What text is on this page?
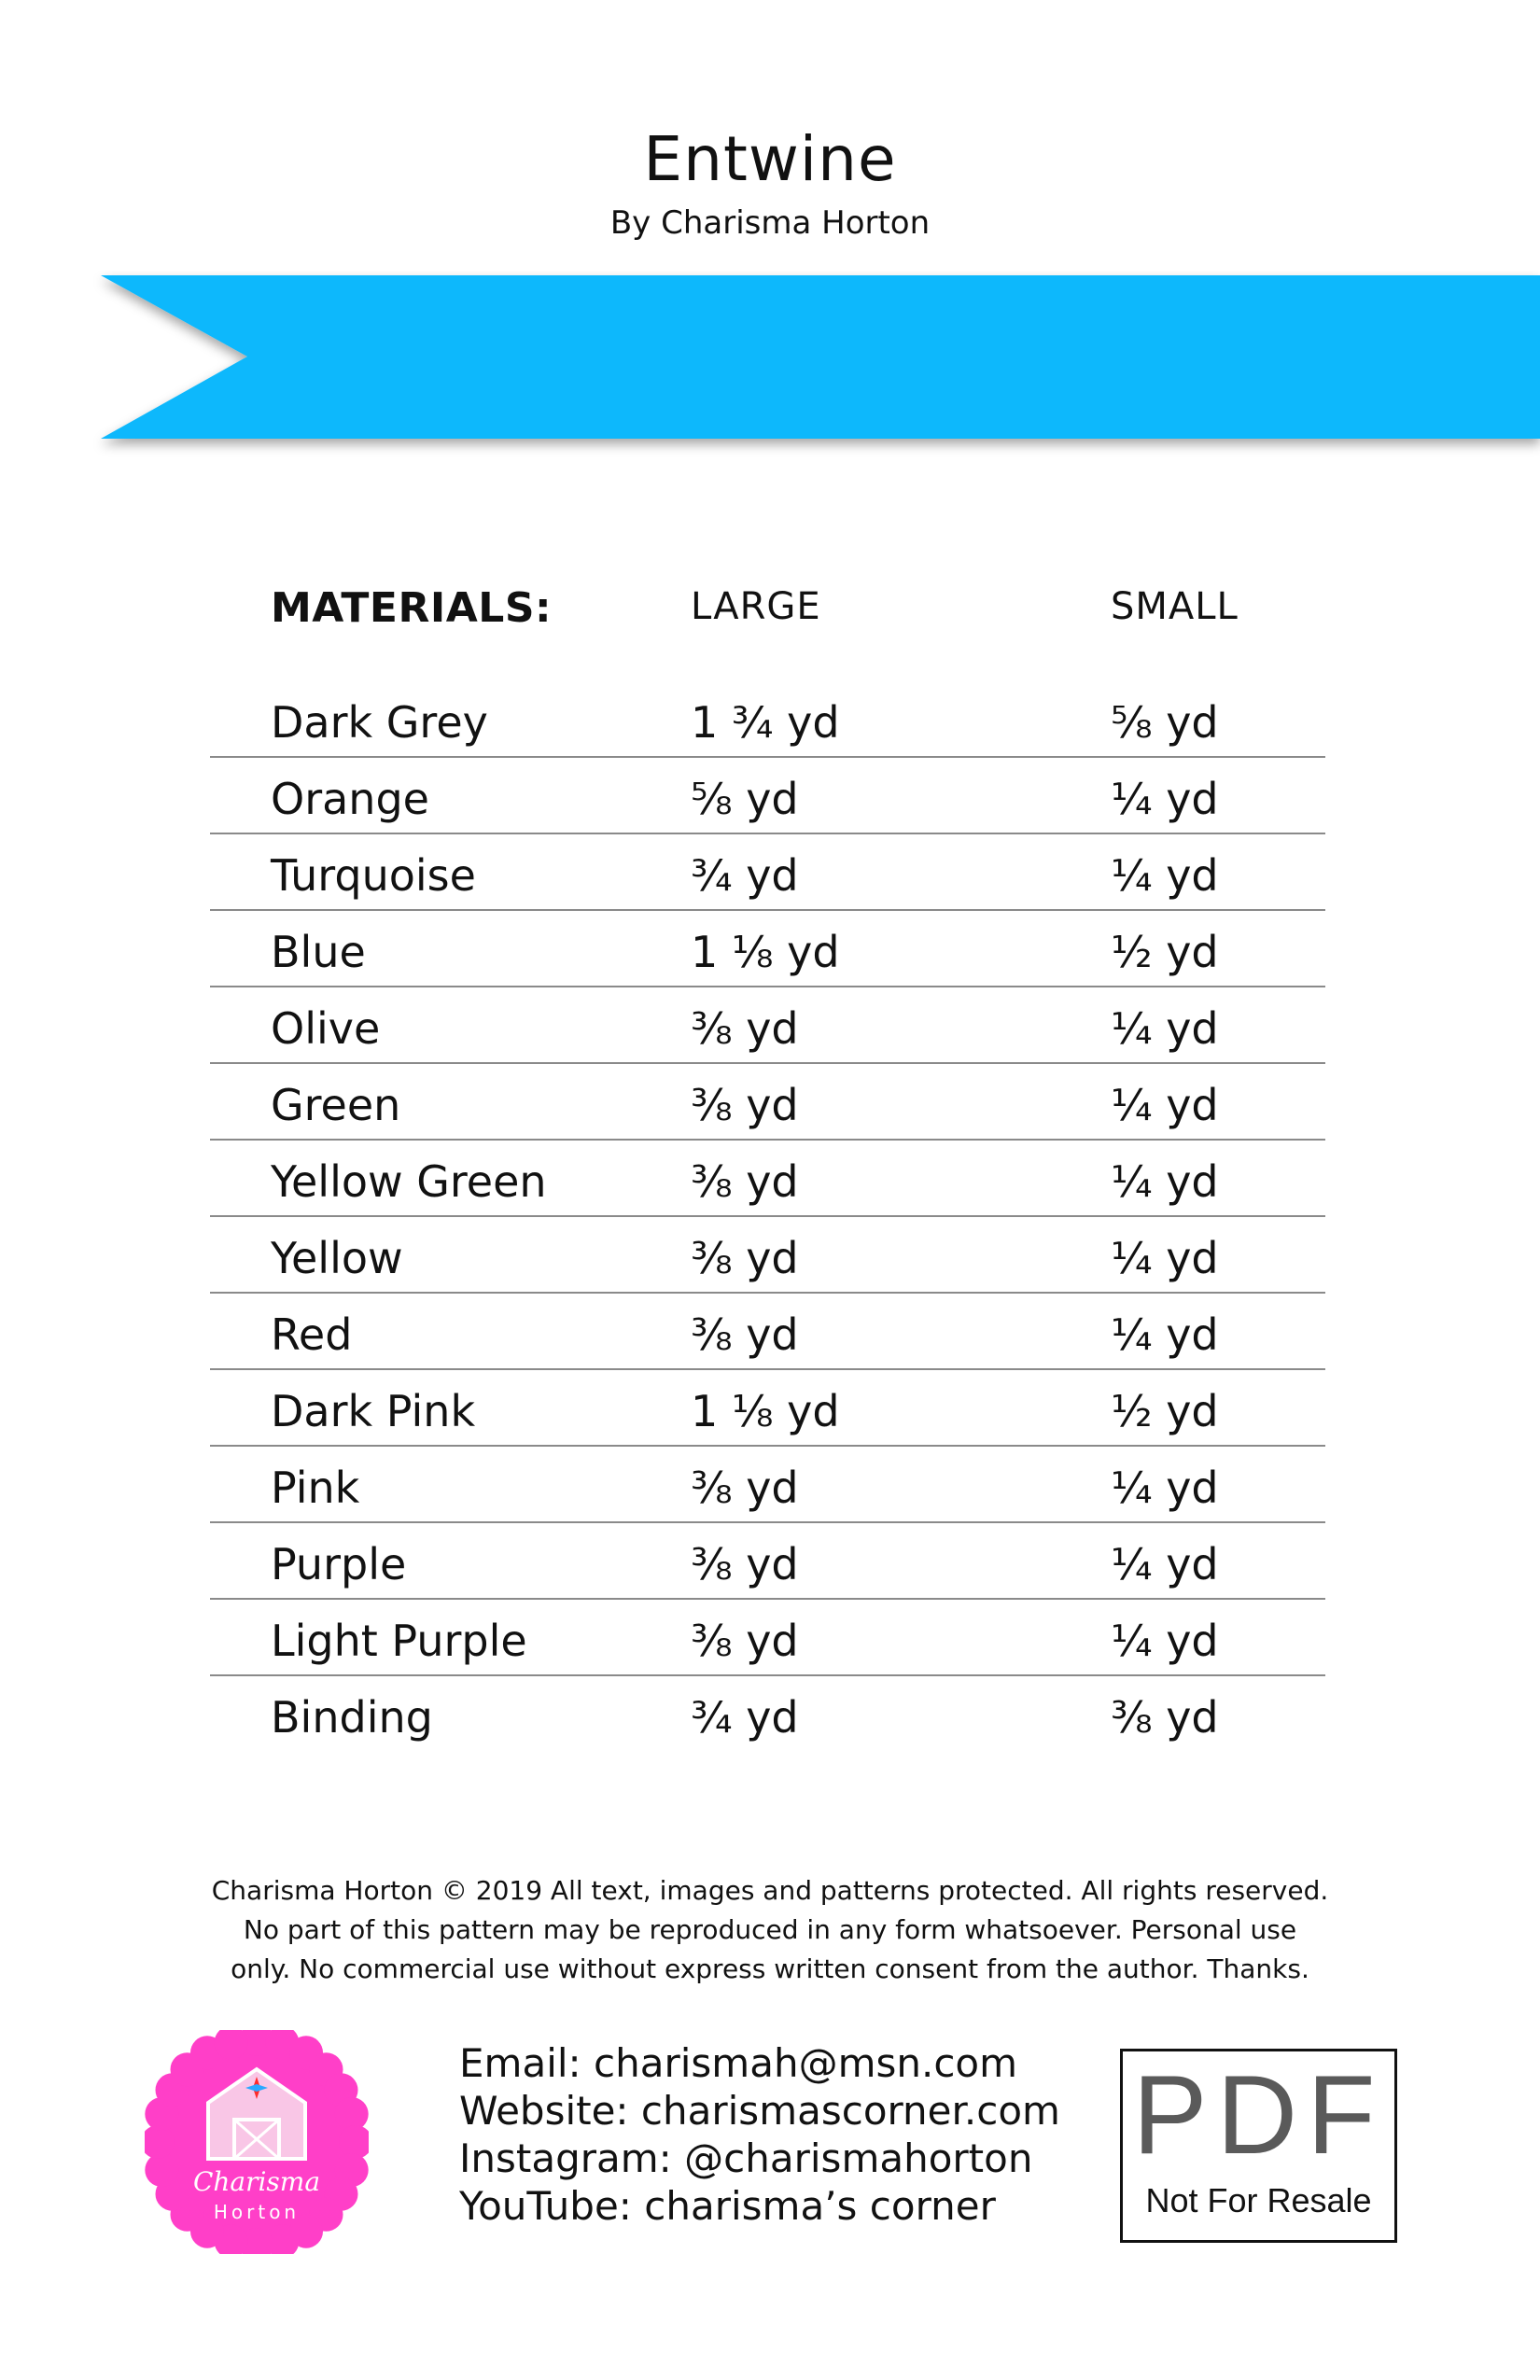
Entwine
By Charisma Horton
MATERIALS:	LARGE	SMALL
Dark Grey	1 ¾ yd	⅝ yd
Orange	⅝ yd	¼ yd
Turquoise	¾ yd	¼ yd
Blue	1 ⅛ yd	½ yd
Olive	⅜ yd	¼ yd
Green	⅜ yd	¼ yd
Yellow Green	⅜ yd	¼ yd
Yellow	⅜ yd	¼ yd
Red	⅜ yd	¼ yd
Dark Pink	1 ⅛ yd	½ yd
Pink	⅜ yd	¼ yd
Purple	⅜ yd	¼ yd
Light Purple	⅜ yd	¼ yd
Binding	¾ yd	⅜ yd
Charisma Horton © 2019 All text, images and patterns protected. All rights reserved.
No part of this pattern may be reproduced in any form whatsoever. Personal use
only. No commercial use without express written consent from the author. Thanks.
Charisma
Horton
Email: charismah@msn.com
Website: charismascorner.com
Instagram: @charismahorton
YouTube: charisma’s corner
PDF
Not For Resale
